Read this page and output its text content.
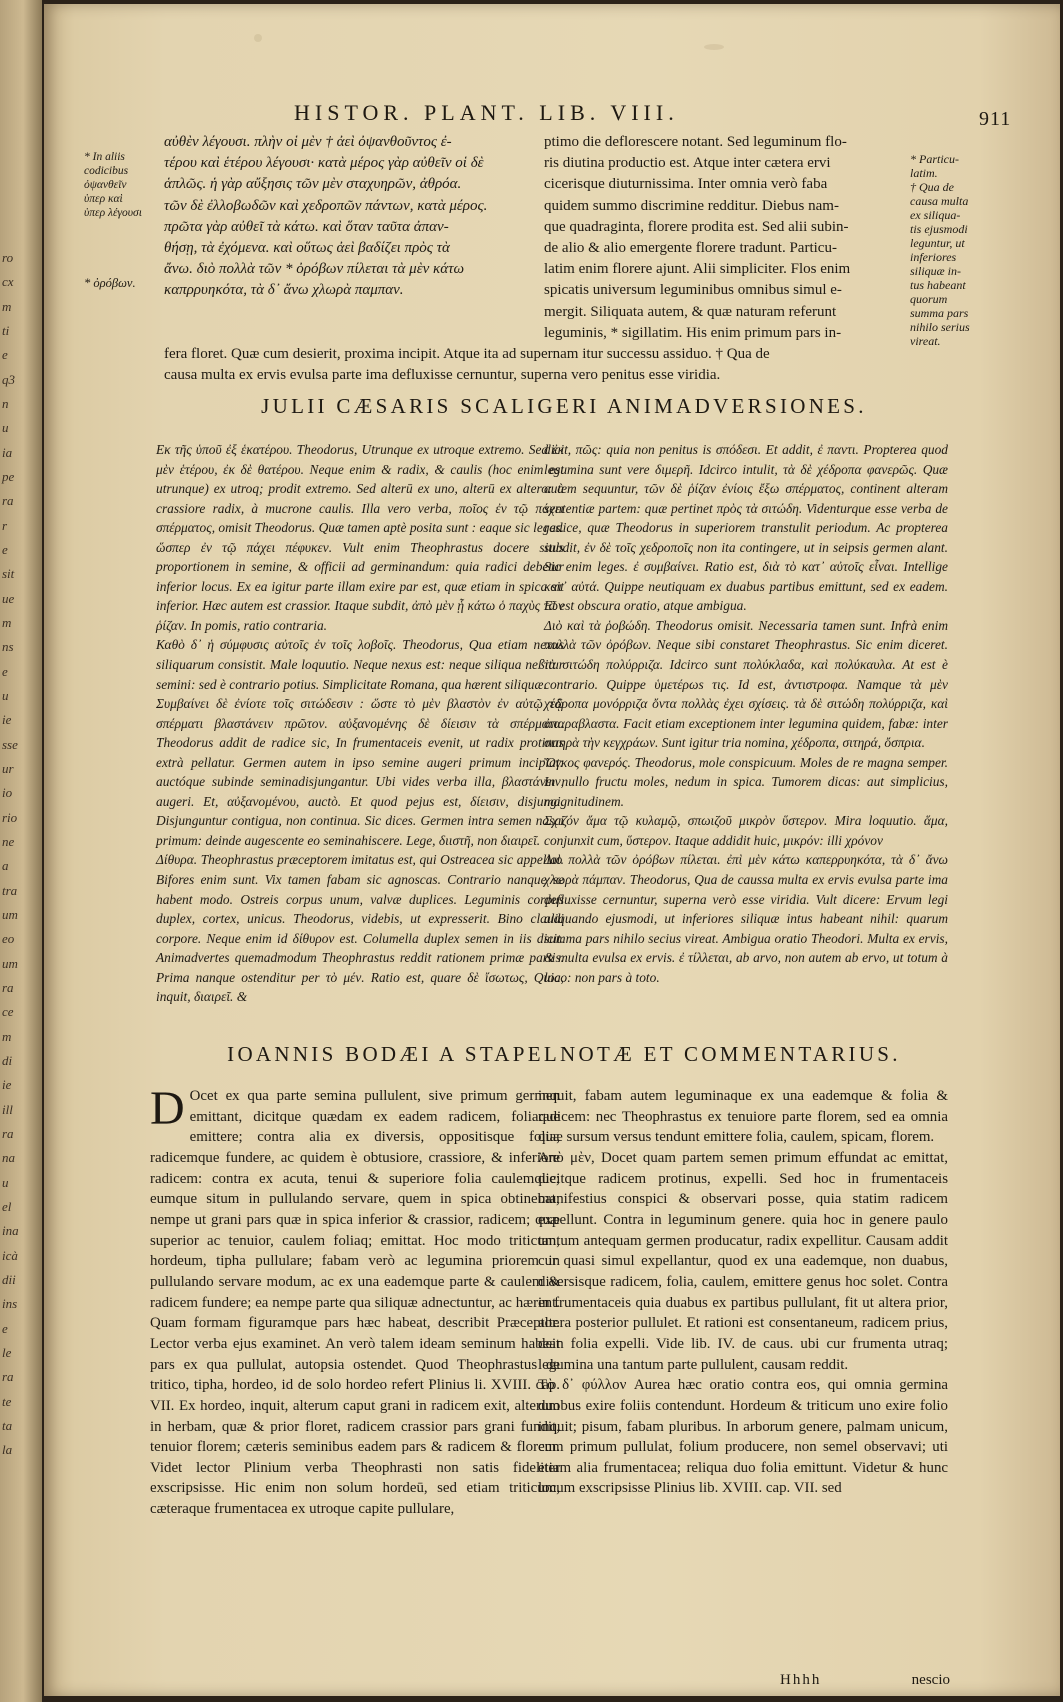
ro
cx
m
ti
e
q3
n
u
ia
pe
ra
r
e
sit
ue
m
ns
e
u
ie
sse
ur
io
rio
ne
a
tra
um
eo
um
ra
ce
m
di
ie
ill
ra
na
u
el
ina
icà
dii
ins
e
le
ra
te
ta
la
HISTOR. PLANT. LIB. VIII.	911
* In aliis
codicibus
ὀψανθεῖν
ὑπερ καὶ
ὑπερ λέγουσι
* ὀρόβων.
αὐθὲν λέγουσι. πλὴν οἱ μὲν † ἀεὶ ὀψανθοῦντος ἐ-
τέρου καὶ ἑτέρου λέγουσι· κατὰ μέρος γὰρ αὐθεῖν οἱ δὲ
ἁπλῶς. ἡ γὰρ αὔξησις τῶν μὲν σταχυηρῶν, ἀθρόα.
τῶν δὲ ἐλλοβωδῶν καὶ χεδροπῶν πάντων, κατὰ μέρος.
πρῶτα γὰρ αὐθεῖ τὰ κάτω. καὶ ὅταν ταῦτα ἀπαν-
θήσῃ, τὰ ἐχόμενα. καὶ οὕτως ἀεὶ βαδίζει πρὸς τὰ
ἄνω. διὸ πολλὰ τῶν * ὀρόβων πίλεται τὰ μὲν κάτω
καπρρυηκότα, τὰ δ᾽ ἄνω χλωρὰ παμπαν.
ptimo die deflorescere notant. Sed leguminum flo-
ris diutina productio est. Atque inter cætera ervi
cicerisque diuturnissima. Inter omnia verò faba
quidem summo discrimine redditur. Diebus nam-
que quadraginta, florere prodita est. Sed alii subin-
de alio & alio emergente florere tradunt. Particu-
latim enim florere ajunt. Alii simpliciter. Flos enim
spicatis universum leguminibus omnibus simul e-
mergit. Siliquata autem, & quæ naturam referunt
leguminis, * sigillatim. His enim primum pars in-
fera floret. Quæ cum desierit, proxima incipit. Atque ita ad supernam itur successu assiduo. † Qua de
causa multa ex ervis evulsa parte ima defluxisse cernuntur, superna vero penitus esse viridia.
* Particu-
latim.
† Qua de
causa multa
ex siliqua-
tis ejusmodi
leguntur, ut
inferiores
siliquæ in-
tus habeant
quorum
summa pars
nihilo serius
vireat.
JULII CÆSARIS SCALIGERI ANIMADVERSIONES.

Εκ τῆς ὑποῦ ἐξ ἑκατέρου. Theodorus, Utrunque ex utroque extremo. Sed ἐκ μὲν ἑτέρου, ἐκ δὲ θατέρου. Neque enim & radix, & caulis (hoc enim est utrunque) ex utroq; prodit extremo. Sed alterū ex uno, alterū ex altero: à crassiore radix, à mucrone caulis. Illa vero verba, ποῖος ἐν τῷ πάχει σπέρματος, omisit Theodorus. Quæ tamen aptè posita sunt : eaque sic leges. ὥσπερ ἐν τῷ πάχει πέφυκεν. Vult enim Theophrastus docere situs proportionem in semine, & officii ad germinandum: quia radici debetur inferior locus. Ex ea igitur parte illam exire par est, quæ etiam in spica sit inferior. Hæc autem est crassior. Itaque subdit, ἀπὸ μὲν ᾗ κάτω ὁ παχὺς τῶν ῥίζαν. In pomis, ratio contraria.

Καθὸ δ᾽ ἡ σύμφυσις αὐτοῖς ἐν τοῖς λοβοῖς. Theodorus, Qua etiam nexus siliquarum consistit. Male loquutio. Neque nexus est: neque siliqua neßitur semini: sed è contrario potius. Simplicitate Romana, qua hærent siliquæ.

Συμβαίνει δὲ ἐνίοτε τοῖς σιτώδεσιν : ὥστε τὸ μὲν βλαστὸν ἐν αὐτῷ τῷ σπέρματι βλαστάνειν πρῶτον. αὐξανομένης δὲ δίεισιν τὰ σπέρματα. Theodorus addit de radice sic, In frumentaceis evenit, ut radix protinus extrà pellatur. Germen autem in ipso semine augeri primum incipiat: auctóque subinde seminadisjungantur. Ubi vides verba illa, βλαστάνειν, augeri. Et, αὐξανομένου, auctò. Et quod pejus est, δίεισιν, disjungi. Disjunguntur contigua, non continua. Sic dices. Germen intra semen nasci primum: deinde augescente eo seminahiscere. Lege, διιστῆ, non διαιρεῖ.

Δίθυρα. Theophrastus præceptorem imitatus est, qui Ostreacea sic appellat. Bifores enim sunt. Vix tamen fabam sic agnoscas. Contrario nanque se habent modo. Ostreis corpus unum, valvæ duplices. Leguminis corpus duplex, cortex, unicus. Theodorus, videbis, ut expresserit. Bino claudi corpore. Neque enim id δίθυρον est. Columella duplex semen in iis dicit. Animadvertes quemadmodum Theophrastus reddit rationem primæ partis. Prima nanque ostenditur per τὸ μέν. Ratio est, quare δὲ ἴσωτως, Quia, inquit, διαιρεῖ. &

dicit, πῶς: quia non penitus is σπόδεσι. Et addit, ἐ παντι. Propterea quod legumina sunt vere διμερῆ. Idcirco intulit, τὰ δὲ χέδροπα φανερῶς. Quæ autem sequuntur, τῶν δὲ ῥίζαν ἐνίοις ἔξω σπέρματος, continent alteram sententiæ partem: quæ pertinet πρὸς τὰ σιτώδη. Videnturque esse verba de radice, quæ Theodorus in superiorem transtulit periodum. Ac propterea subdit, ἐν δὲ τοῖς χεδροποῖς non ita contingere, ut in seipsis germen alant. Sic enim leges. ἐ συμβαίνει. Ratio est, διὰ τὸ κατ᾽ αὐτοῖς εἶναι. Intellige κατ᾽ αὐτά. Quippe neutiquam ex duabus partibus emittunt, sed ex eadem. Et est obscura oratio, atque ambigua.

Διὸ καὶ τὰ ῥοβώδη. Theodorus omisit. Necessaria tamen sunt. Infrà enim πολλὰ τῶν ὀρόβων. Neque sibi constaret Theophrastus. Sic enim diceret. τὰ σιτώδη πολύρριζα. Idcirco sunt πολύκλαδα, καὶ πολύκαυλα. At est è contrario. Quippe ὑμετέρωs τις. Id est, ἀντιστροφα. Namque τὰ μὲν χέδροπα μονόρριζα ὄντα πολλὰς ἐχει σχίσεις. τὰ δὲ σιτώδη πολύρριζα, καὶ ἀπαραβλαστα. Facit etiam exceptionem inter legumina quidem, fabæ: inter σιτηρὰ τὴν κεγχράων. Sunt igitur tria nomina, χέδροπα, σιτηρά, ὄσπρια.

Ὄγκος φανερός. Theodorus, mole conspicuum. Moles de re magna semper. In nullo fructu moles, nedum in spica. Tumorem dicas: aut simplicius, magnitudinem.

Σχιζόν ἅμα τῷ κυλαμῷ, σπωιζοῦ μικρὸν ὕστερον. Mira loquutio. ἅμα, conjunxit cum, ὕστερον. Itaque addidit huic, μικρόν: illi χρόνον

Διὸ πολλὰ τῶν ὀρόβων πίλεται. ἐπὶ μὲν κάτω καπερρυηκότα, τὰ δ᾽ ἄνω χλωρὰ πάμπαν. Theodorus, Qua de caussa multa ex ervis evulsa parte ima defluxisse cernuntur, superna verò esse viridia. Vult dicere: Ervum legi aliquando ejusmodi, ut inferiores siliquæ intus habeant nihil: quarum summa pars nihilo secius vireat. Ambigua oratio Theodori. Multa ex ervis, & multa evulsa ex ervis. ἐ τίλλεται, ab arvo, non autem ab ervo, ut totum à loco: non pars à toto.

IOANNIS BODÆI A STAPELNOTÆ ET COMMENTARIUS.

D Ocet ex qua parte semina pullulent, sive primum germen emittant, dicitque quædam ex eadem radicem, foliaque emittere; contra alia ex diversis, oppositisque folia, radicemque fundere, ac quidem è obtusiore, crassiore, & inferiore radicem: contra ex acuta, tenui & superiore folia caulemque; eumque situm in pullulando servare, quem in spica obtinebat; nempe ut grani pars quæ in spica inferior & crassior, radicem; quæ superior ac tenuior, caulem foliaq; emittat. Hoc modo triticum, hordeum, tipha pullulare; fabam verò ac legumina priorem in pullulando servare modum, ac ex una eademque parte & caulem & radicem fundere; ea nempe parte qua siliquæ adnectuntur, ac hærent. Quam formam figuramque pars hæc habeat, describit Præceptor. Lector verba ejus examinet. An verò talem ideam seminum habeat pars ex qua pullulat, autopsia ostendet. Quod Theophrastus de tritico, tipha, hordeo, id de solo hordeo refert Plinius li. XVIII. cap. VII. Ex hordeo, inquit, alterum caput grani in radicem exit, alterum in herbam, quæ & prior floret, radicem crassior pars grani fundit, tenuior florem; cæteris seminibus eadem pars & radicem & florem. Videt lector Plinium verba Theophrasti non satis fideliter exscripsisse. Hic enim non solum hordeū, sed etiam triticum, cæteraque frumentacea ex utroque capite pullulare,

inquit, fabam autem leguminaque ex una eademque & folia & radicem: nec Theophrastus ex tenuiore parte florem, sed ea omnia quæ sursum versus tendunt emittere folia, caulem, spicam, florem.

Ἀπὸ μὲν, Docet quam partem semen primum effundat ac emittat, dicitque radicem protinus, expelli. Sed hoc in frumentaceis manifestius conspici & observari posse, quia statim radicem expellunt. Contra in leguminum genere. quia hoc in genere paulo tantum antequam germen producatur, radix expellitur. Causam addit cur quasi simul expellantur, quod ex una eademque, non duabus, diversisque radicem, folia, caulem, emittere genus hoc solet. Contra in frumentaceis quia duabus ex partibus pullulant, fit ut altera prior, altera posterior pullulet. Et rationi est consentaneum, radicem prius, dein folia expelli. Vide lib. IV. de caus. ubi cur frumenta utraq; legumina una tantum parte pullulent, causam reddit.

Τὸ δ᾽ φύλλον Aurea hæc oratio contra eos, qui omnia germina duobus exire foliis contendunt. Hordeum & triticum uno exire folio inquit; pisum, fabam pluribus. In arborum genere, palmam unicum, cum primum pullulat, folium producere, non semel observavi; uti etiam alia frumentacea; reliqua duo folia emittunt. Videtur & hunc locum exscripsisse Plinius lib. XVIII. cap. VII. sed

Hhhh	nescio
